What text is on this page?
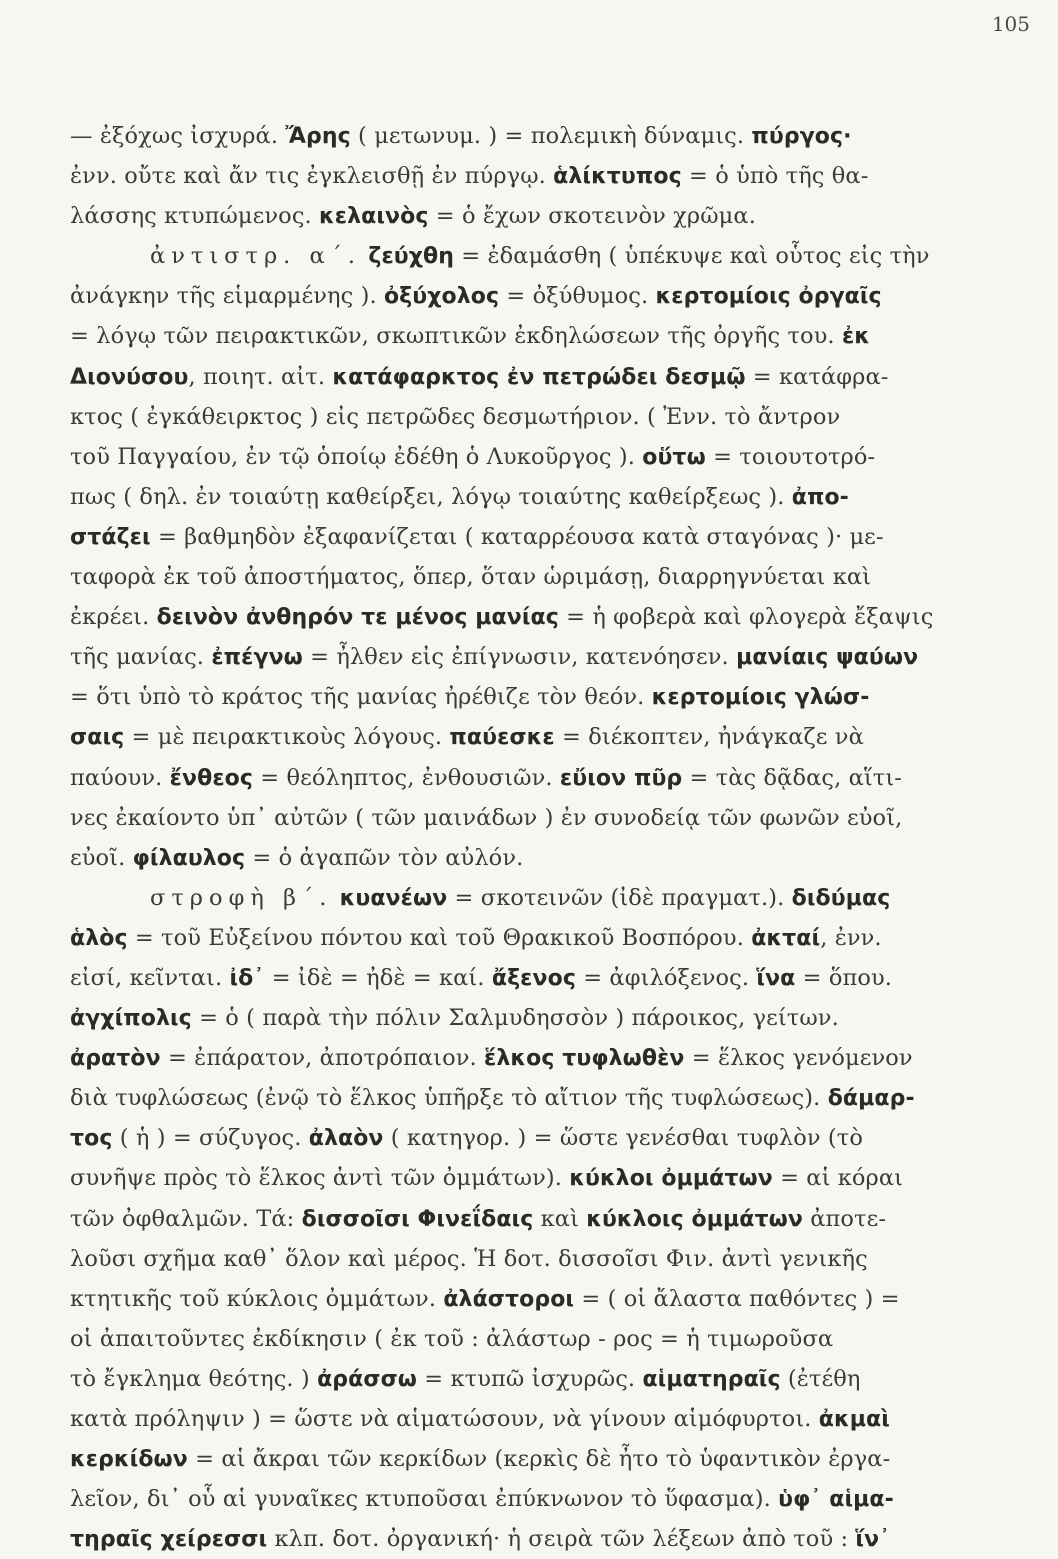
105
— ἐξόχως ἰσχυρά. Ἄρης ( μετωνυμ. ) = πολεμικὴ δύναμις. πύργος·
ἐνν. οὔτε καὶ ἄν τις ἐγκλεισθῇ ἐν πύργῳ. ἁλίκτυπος = ὁ ὑπὸ τῆς θα-
λάσσης κτυπώμενος. κελαινὸς = ὁ ἔχων σκοτεινὸν χρῶμα.
ἀντιστρ. α΄. ζεύχθη = ἐδαμάσθη ( ὑπέκυψε καὶ οὗτος εἰς τὴν
ἀνάγκην τῆς εἱμαρμένης ). ὀξύχολος = ὀξύθυμος. κερτομίοις ὀργαῖς
= λόγῳ τῶν πειρακτικῶν, σκωπτικῶν ἐκδηλώσεων τῆς ὀργῆς του. ἐκ
Διονύσου, ποιητ. αἰτ. κατάφαρκτος ἐν πετρώδει δεσμῷ = κατάφρα-
κτος ( ἐγκάθειρκτος ) εἰς πετρῶδες δεσμωτήριον. ( Ἐνν. τὸ ἄντρον
τοῦ Παγγαίου, ἐν τῷ ὁποίῳ ἐδέθη ὁ Λυκοῦργος ). οὕτω = τοιουτοτρό-
πως ( δηλ. ἐν τοιαύτῃ καθείρξει, λόγῳ τοιαύτης καθείρξεως ). ἀπο-
στάζει = βαθμηδὸν ἐξαφανίζεται ( καταρρέουσα κατὰ σταγόνας )· με-
ταφορὰ ἐκ τοῦ ἀποστήματος, ὅπερ, ὅταν ὡριμάσῃ, διαρρηγνύεται καὶ
ἐκρέει. δεινὸν ἀνθηρόν τε μένος μανίας = ἡ φοβερὰ καὶ φλογερὰ ἔξαψις
τῆς μανίας. ἐπέγνω = ἦλθεν εἰς ἐπίγνωσιν, κατενόησεν. μανίαις ψαύων
= ὅτι ὑπὸ τὸ κράτος τῆς μανίας ἠρέθιζε τὸν θεόν. κερτομίοις γλώσ-
σαις = μὲ πειρακτικοὺς λόγους. παύεσκε = διέκοπτεν, ἠνάγκαζε νὰ
παύουν. ἔνθεος = θεόληπτος, ἐνθουσιῶν. εὔιον πῦρ = τὰς δᾷδας, αἵτι-
νες ἐκαίοντο ὑπ᾽ αὐτῶν ( τῶν μαινάδων ) ἐν συνοδείᾳ τῶν φωνῶν εὐοῖ,
εὐοῖ. φίλαυλος = ὁ ἀγαπῶν τὸν αὐλόν.
στροφὴ β΄. κυανέων = σκοτεινῶν (ἰδὲ πραγματ.). διδύμας
ἁλὸς = τοῦ Εὐξείνου πόντου καὶ τοῦ Θρακικοῦ Βοσπόρου. ἀκταί, ἐνν.
εἰσί, κεῖνται. ἰδ᾽ = ἰδὲ = ἠδὲ = καί. ἄξενος = ἀφιλόξενος. ἵνα = ὅπου.
ἀγχίπολις = ὁ ( παρὰ τὴν πόλιν Σαλμυδησσὸν ) πάροικος, γείτων.
ἀρατὸν = ἐπάρατον, ἀποτρόπαιον. ἕλκος τυφλωθὲν = ἕλκος γενόμενον
διὰ τυφλώσεως (ἐνῷ τὸ ἕλκος ὑπῆρξε τὸ αἴτιον τῆς τυφλώσεως). δάμαρ-
τος ( ἡ ) = σύζυγος. ἀλαὸν ( κατηγορ. ) = ὥστε γενέσθαι τυφλὸν (τὸ
συνῆψε πρὸς τὸ ἕλκος ἀντὶ τῶν ὀμμάτων). κύκλοι ὀμμάτων = αἱ κόραι
τῶν ὀφθαλμῶν. Τά: δισσοῖσι Φινεΐδαις καὶ κύκλοις ὀμμάτων ἀποτε-
λοῦσι σχῆμα καθ᾽ ὅλον καὶ μέρος. Ἡ δοτ. δισσοῖσι Φιν. ἀντὶ γενικῆς
κτητικῆς τοῦ κύκλοις ὀμμάτων. ἀλάστοροι = ( οἱ ἄλαστα παθόντες ) =
οἱ ἀπαιτοῦντες ἐκδίκησιν ( ἐκ τοῦ : ἀλάστωρ - ρος = ἡ τιμωροῦσα
τὸ ἔγκλημα θεότης. ) ἀράσσω = κτυπῶ ἰσχυρῶς. αἱματηραῖς (ἐτέθη
κατὰ πρόληψιν ) = ὥστε νὰ αἱματώσουν, νὰ γίνουν αἱμόφυρτοι. ἀκμαὶ
κερκίδων = αἱ ἄκραι τῶν κερκίδων (κερκὶς δὲ ἦτο τὸ ὑφαντικὸν ἐργα-
λεῖον, δι᾽ οὗ αἱ γυναῖκες κτυποῦσαι ἐπύκνωνον τὸ ὕφασμα). ὑφ᾽ αἱμα-
τηραῖς χείρεσσι κλπ. δοτ. ὀργανική· ἡ σειρὰ τῶν λέξεων ἀπὸ τοῦ : ἵν᾽
